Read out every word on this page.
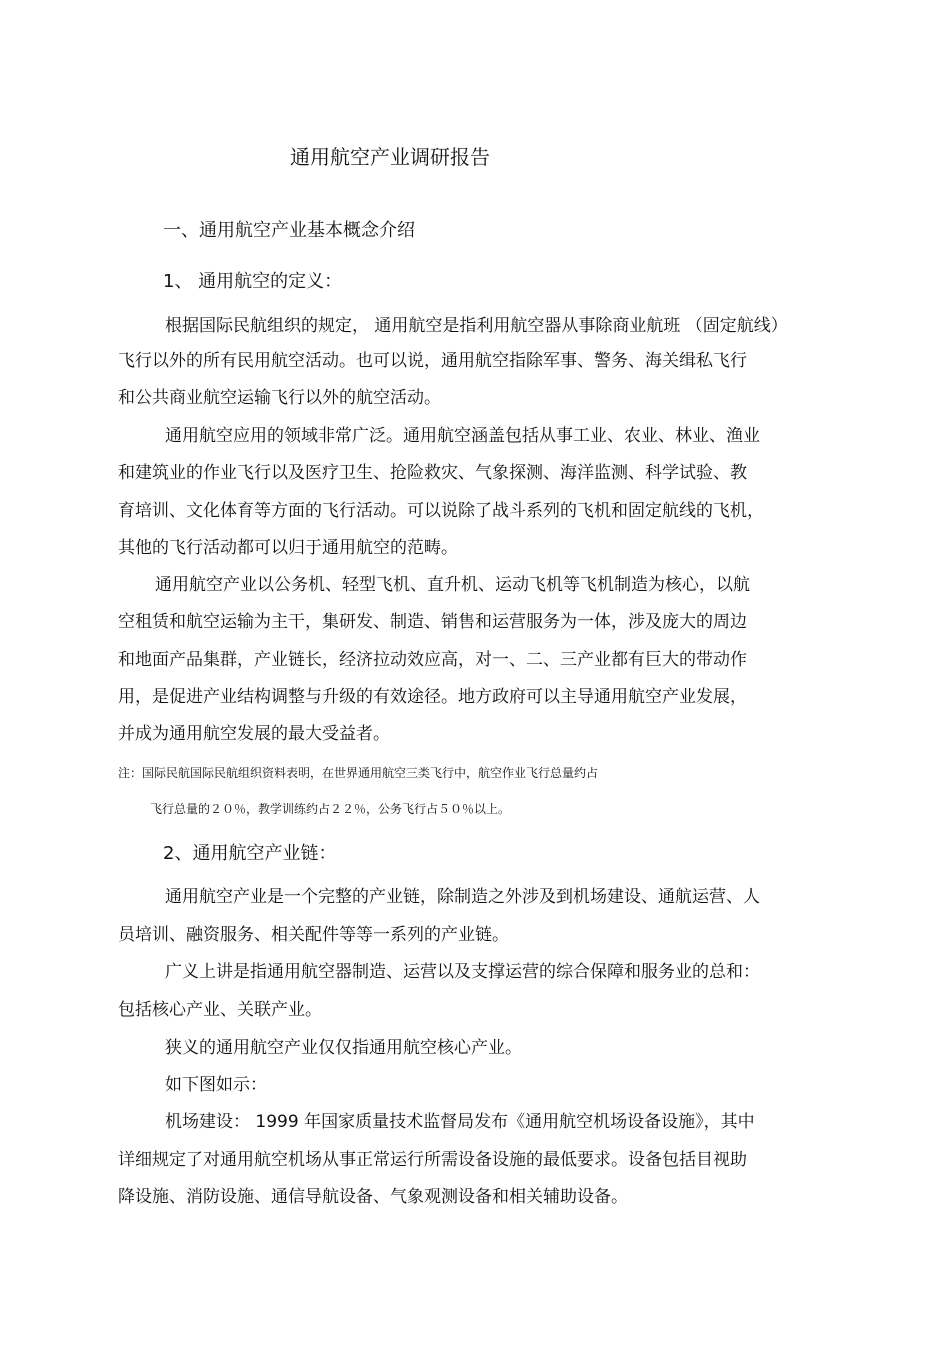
通用航空产业调研报告
一、通用航空产业基本概念介绍
1、 通用航空的定义：
根据国际民航组织的规定， 通用航空是指利用航空器从事除商业航班 （固定航线）
飞行以外的所有民用航空活动。也可以说，通用航空指除军事、警务、海关缉私飞行
和公共商业航空运输飞行以外的航空活动。
通用航空应用的领域非常广泛。通用航空涵盖包括从事工业、农业、林业、渔业
和建筑业的作业飞行以及医疗卫生、抢险救灾、气象探测、海洋监测、科学试验、教
育培训、文化体育等方面的飞行活动。可以说除了战斗系列的飞机和固定航线的飞机，
其他的飞行活动都可以归于通用航空的范畴。
通用航空产业以公务机、轻型飞机、直升机、运动飞机等飞机制造为核心，以航
空租赁和航空运输为主干，集研发、制造、销售和运营服务为一体，涉及庞大的周边
和地面产品集群，产业链长，经济拉动效应高，对一、二、三产业都有巨大的带动作
用，是促进产业结构调整与升级的有效途径。地方政府可以主导通用航空产业发展，
并成为通用航空发展的最大受益者。
注：国际民航国际民航组织资料表明，在世界通用航空三类飞行中，航空作业飞行总量约占
飞行总量的２０％，教学训练约占２２％，公务飞行占５０％以上。
2、通用航空产业链：
通用航空产业是一个完整的产业链，除制造之外涉及到机场建设、通航运营、人
员培训、融资服务、相关配件等等一系列的产业链。
广义上讲是指通用航空器制造、运营以及支撑运营的综合保障和服务业的总和：
包括核心产业、关联产业。
狭义的通用航空产业仅仅指通用航空核心产业。
如下图如示：
机场建设： 1999 年国家质量技术监督局发布《通用航空机场设备设施》，其中
详细规定了对通用航空机场从事正常运行所需设备设施的最低要求。设备包括目视助
降设施、消防设施、通信导航设备、气象观测设备和相关辅助设备。
